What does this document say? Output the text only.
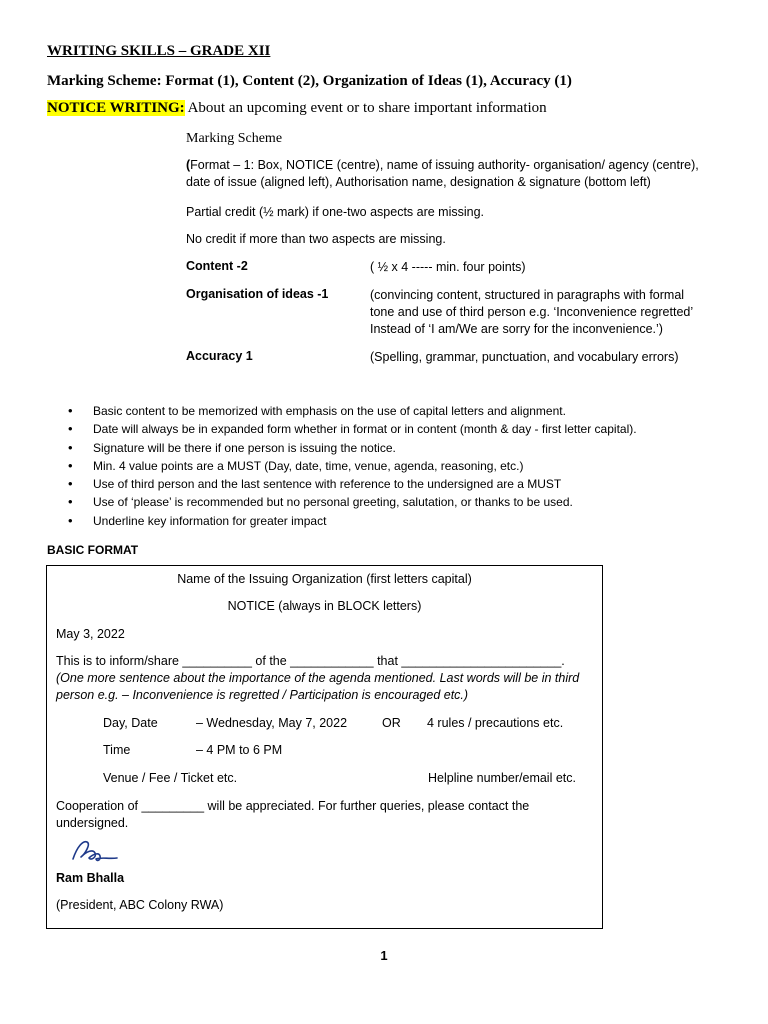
WRITING SKILLS – GRADE XII
Marking Scheme: Format (1), Content (2), Organization of Ideas (1), Accuracy (1)
NOTICE WRITING: About an upcoming event or to share important information
Marking Scheme
(Format – 1: Box, NOTICE (centre), name of issuing authority- organisation/ agency (centre), date of issue (aligned left), Authorisation name, designation & signature (bottom left)
Partial credit (½ mark) if one-two aspects are missing.
No credit if more than two aspects are missing.
Content -2	( ½ x 4 ----- min. four points)
Organisation of ideas -1	(convincing content, structured in paragraphs with formal
tone and use of third person e.g. ‘Inconvenience regretted’
Instead of ‘I am/We are sorry for the inconvenience.’)
Accuracy 1	(Spelling, grammar, punctuation, and vocabulary errors)
• Basic content to be memorized with emphasis on the use of capital letters and alignment.
• Date will always be in expanded form whether in format or in content (month & day - first letter capital).
• Signature will be there if one person is issuing the notice.
• Min. 4 value points are a MUST (Day, date, time, venue, agenda, reasoning, etc.)
• Use of third person and the last sentence with reference to the undersigned are a MUST
• Use of ‘please’ is recommended but no personal greeting, salutation, or thanks to be used.
• Underline key information for greater impact
BASIC FORMAT
Name of the Issuing Organization (first letters capital)
NOTICE (always in BLOCK letters)
May 3, 2022
This is to inform/share __________ of the ____________ that _______________________.
(One more sentence about the importance of the agenda mentioned. Last words will be in third person e.g. – Inconvenience is regretted / Participation is encouraged etc.)
Day, Date	– Wednesday, May 7, 2022	OR 4 rules / precautions etc.
Time	– 4 PM to 6 PM
Venue / Fee / Ticket etc.	Helpline number/email etc.
Cooperation of _________ will be appreciated. For further queries, please contact the undersigned.
Ram Bhalla
(President, ABC Colony RWA)
1
